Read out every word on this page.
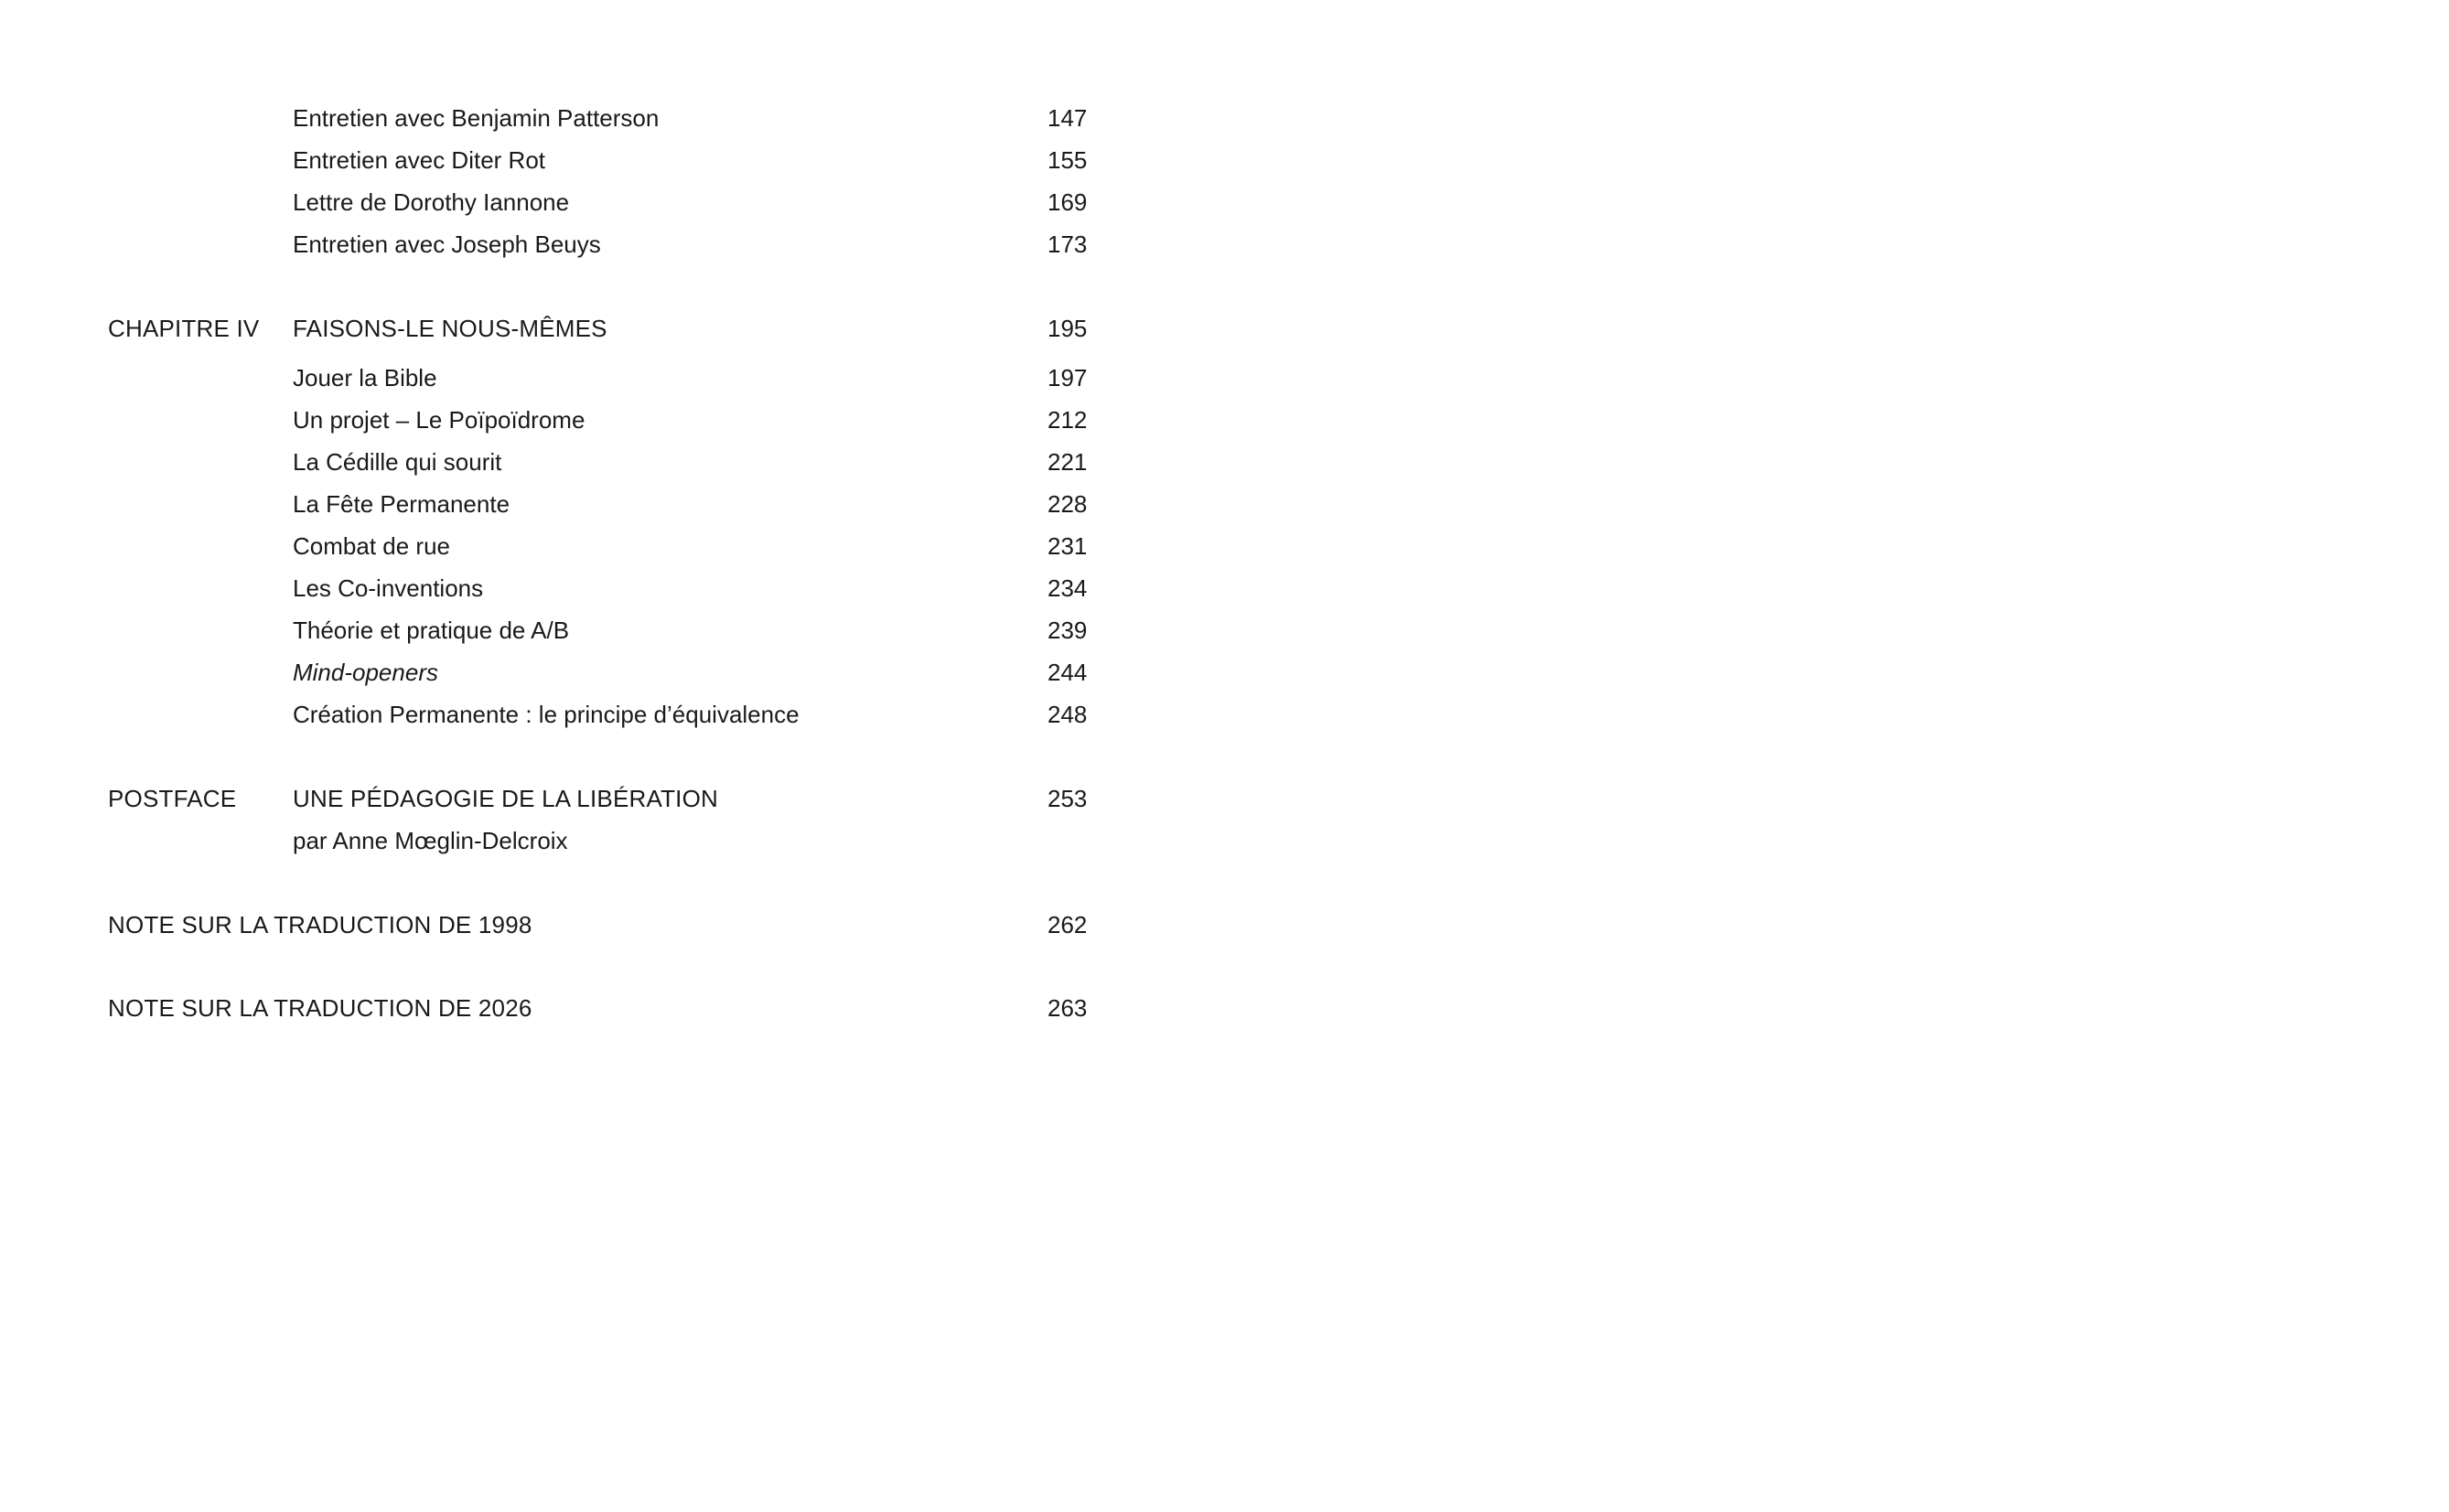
Entretien avec Benjamin Patterson	147
Entretien avec Diter Rot	155
Lettre de Dorothy Iannone	169
Entretien avec Joseph Beuys	173
CHAPITRE IV FAISONS-LE NOUS-MÊMES	195
Jouer la Bible	197
Un projet – Le Poïpoïdrome	212
La Cédille qui sourit	221
La Fête Permanente	228
Combat de rue	231
Les Co-inventions	234
Théorie et pratique de A/B	239
Mind-openers	244
Création Permanente : le principe d’équivalence	248
POSTFACE UNE PÉDAGOGIE DE LA LIBÉRATION	253
par Anne Mœglin-Delcroix
NOTE SUR LA TRADUCTION DE 1998	262
NOTE SUR LA TRADUCTION DE 2026	263
